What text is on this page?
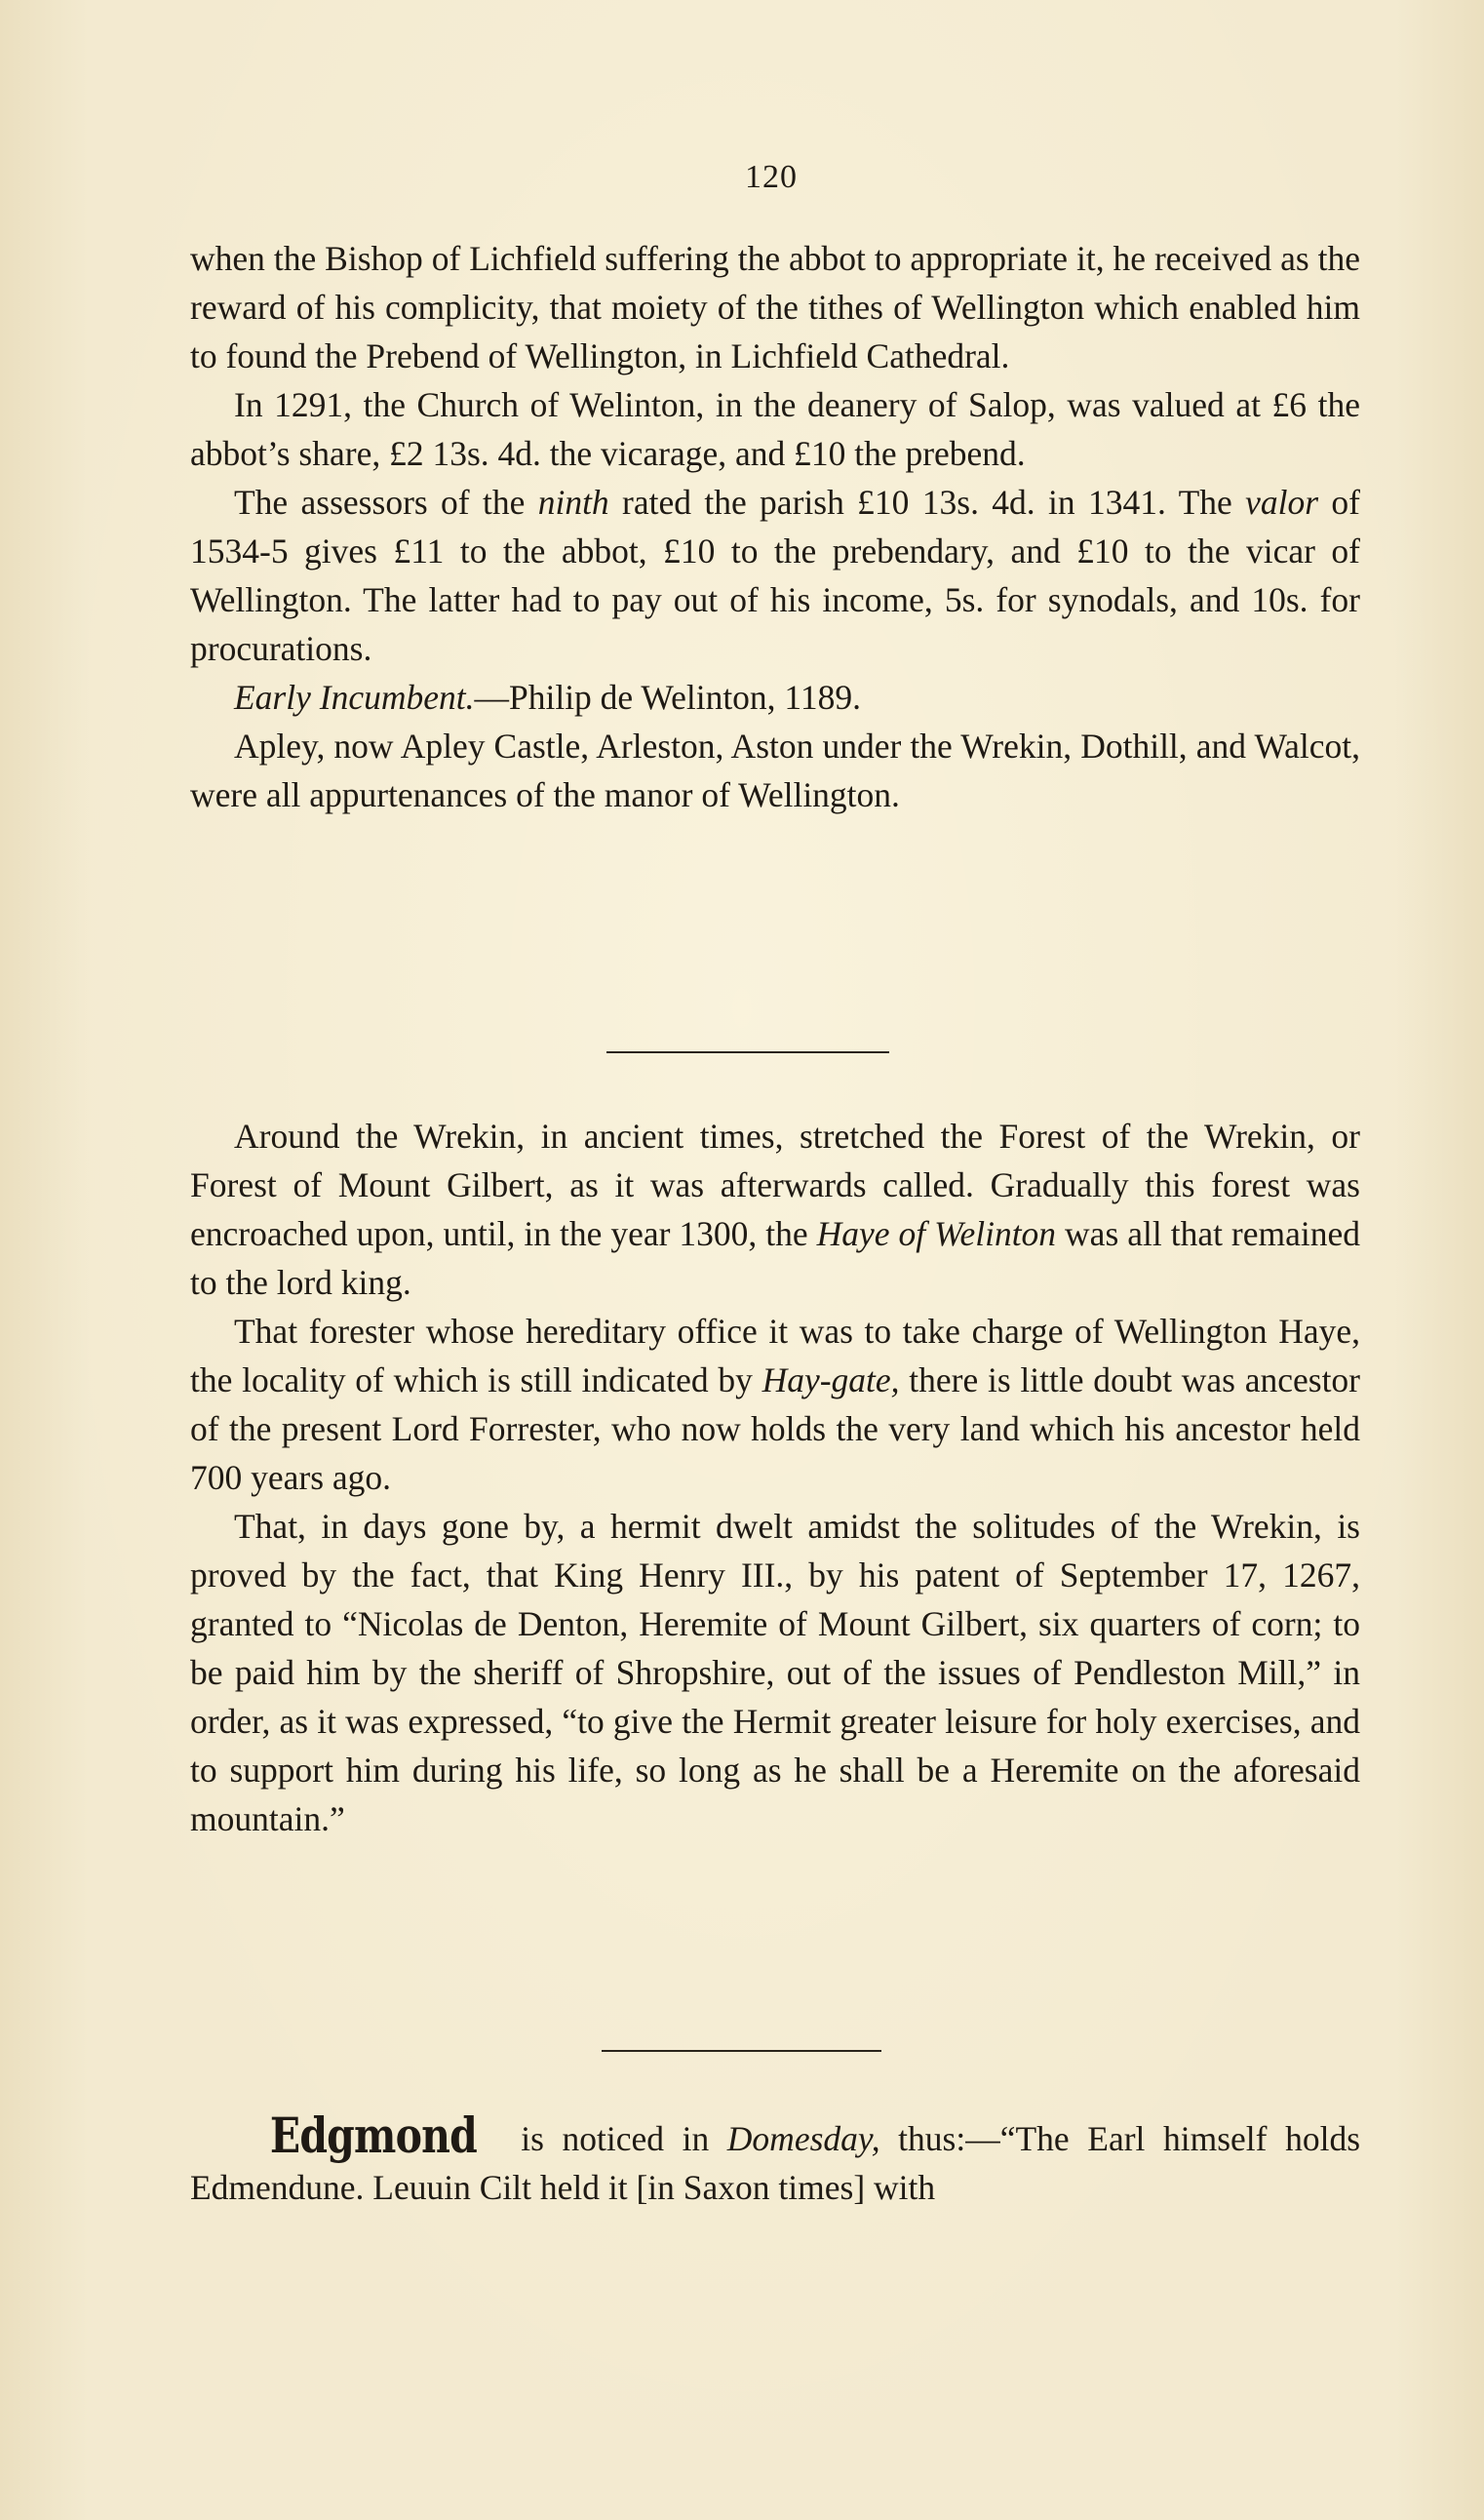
120

when the Bishop of Lichfield suffering the abbot to appropriate it, he received as the reward of his complicity, that moiety of the tithes of Wellington which enabled him to found the Prebend of Wellington, in Lichfield Cathedral.

In 1291, the Church of Welinton, in the deanery of Salop, was valued at £6 the abbot’s share, £2 13s. 4d. the vicarage, and £10 the prebend.

The assessors of the ninth rated the parish £10 13s. 4d. in 1341. The valor of 1534-5 gives £11 to the abbot, £10 to the prebendary, and £10 to the vicar of Wellington. The latter had to pay out of his income, 5s. for synodals, and 10s. for procurations.

Early Incumbent.—Philip de Welinton, 1189.

Apley, now Apley Castle, Arleston, Aston under the Wrekin, Dothill, and Walcot, were all appurtenances of the manor of Wellington.

Around the Wrekin, in ancient times, stretched the Forest of the Wrekin, or Forest of Mount Gilbert, as it was afterwards called. Gradually this forest was encroached upon, until, in the year 1300, the Haye of Welinton was all that remained to the lord king.

That forester whose hereditary office it was to take charge of Wellington Haye, the locality of which is still indicated by Hay-gate, there is little doubt was ancestor of the present Lord Forrester, who now holds the very land which his ancestor held 700 years ago.

That, in days gone by, a hermit dwelt amidst the solitudes of the Wrekin, is proved by the fact, that King Henry III., by his patent of September 17, 1267, granted to “Nicolas de Denton, Heremite of Mount Gilbert, six quarters of corn; to be paid him by the sheriff of Shropshire, out of the issues of Pendleston Mill,” in order, as it was expressed, “to give the Hermit greater leisure for holy exercises, and to support him during his life, so long as he shall be a Heremite on the aforesaid mountain.”

Edgmond is noticed in Domesday, thus:—“The Earl himself holds Edmendune. Leuuin Cilt held it [in Saxon times] with
